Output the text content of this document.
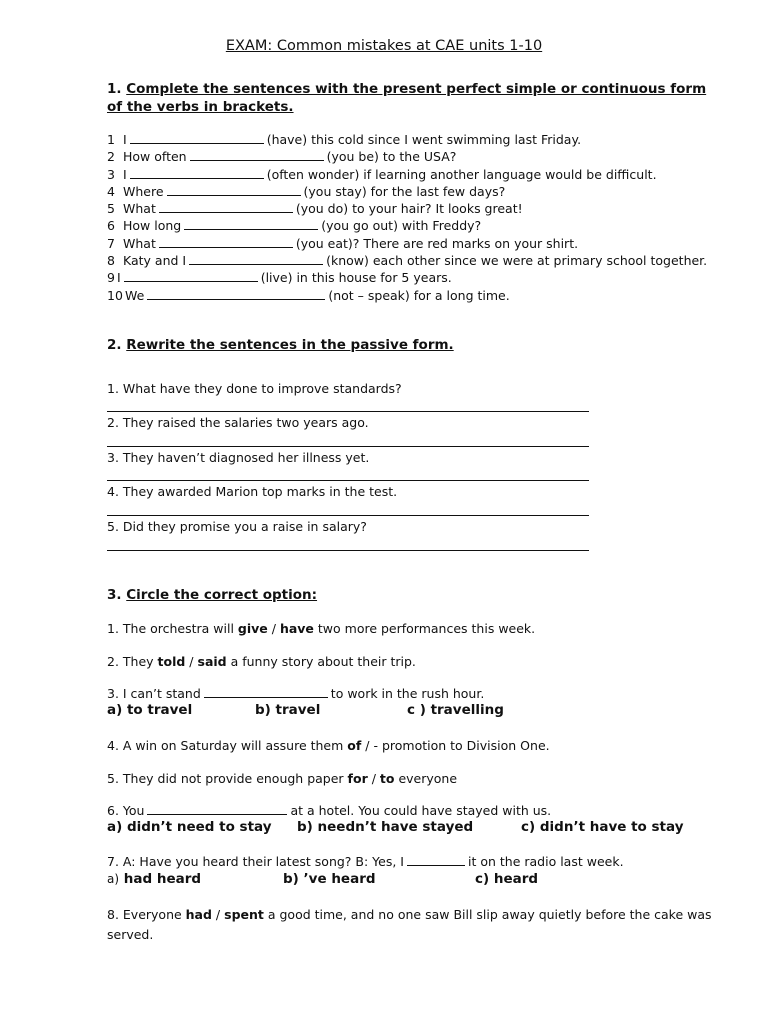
EXAM: Common mistakes at CAE units 1-10
1. Complete the sentences with the present perfect simple or continuous form of the verbs in brackets.
1 I	(have) this cold since I went swimming last Friday.
2 How often	(you be) to the USA?
3 I	(often wonder) if learning another language would be difficult.
4 Where	(you stay) for the last few days?
5 What	(you do) to your hair? It looks great!
6 How long	(you go out) with Freddy?
7 What	(you eat)? There are red marks on your shirt.
8 Katy and I	(know) each other since we were at primary school together.
9 I	(live) in this house for 5 years.
10 We	(not – speak) for a long time.
2. Rewrite the sentences in the passive form.
1. What have they done to improve standards?
2. They raised the salaries two years ago.
3. They haven’t diagnosed her illness yet.
4. They awarded Marion top marks in the test.
5. Did they promise you a raise in salary?
3. Circle the correct option:
1. The orchestra will give / have two more performances this week.
2. They told / said a funny story about their trip.
3. I can’t stand	to work in the rush hour.
a) to travel	b) travel	c ) travelling
4. A win on Saturday will assure them of / - promotion to Division One.
5. They did not provide enough paper for / to everyone
6. You	at a hotel. You could have stayed with us.
a) didn’t need to stay b) needn’t have stayed	c) didn’t have to stay
7. A: Have you heard their latest song? B: Yes, I	it on the radio last week.
a) had heard	b) ’ve heard	c) heard
8. Everyone had / spent a good time, and no one saw Bill slip away quietly before the cake was served.
